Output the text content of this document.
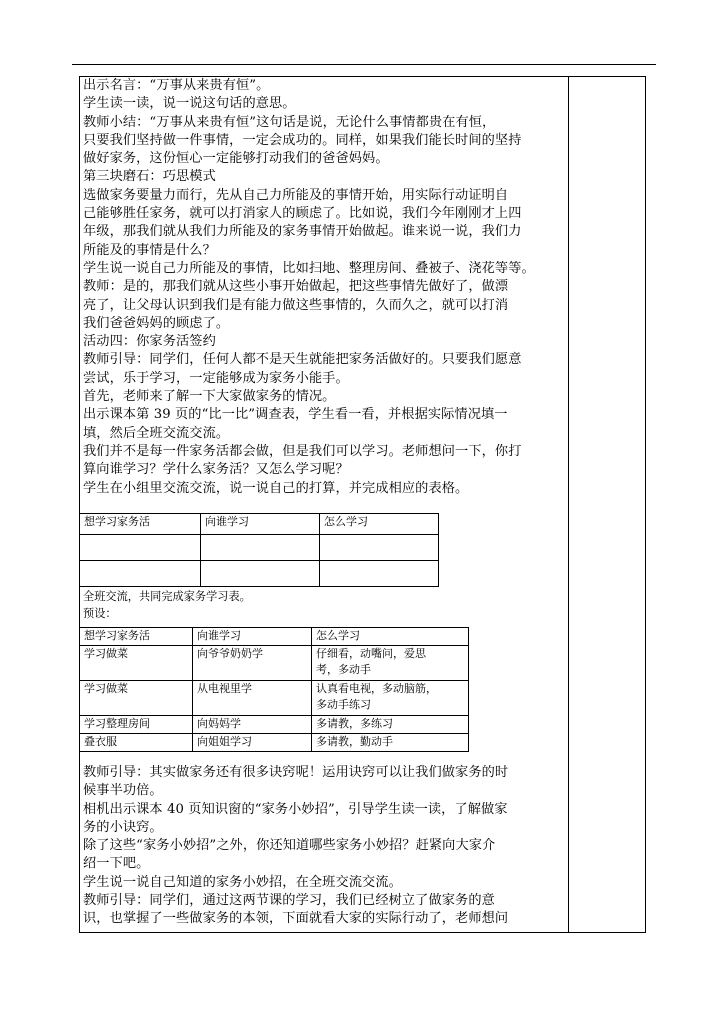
出示名言：“万事从来贵有恒”。

学生读一读，说一说这句话的意思。

教师小结：“万事从来贵有恒”这句话是说，无论什么事情都贵在有恒，

只要我们坚持做一件事情，一定会成功的。同样，如果我们能长时间的坚持

做好家务，这份恒心一定能够打动我们的爸爸妈妈。

第三块磨石：巧思模式

选做家务要量力而行，先从自己力所能及的事情开始，用实际行动证明自

己能够胜任家务，就可以打消家人的顾虑了。比如说，我们今年刚刚才上四

年级，那我们就从我们力所能及的家务事情开始做起。谁来说一说，我们力

所能及的事情是什么？

学生说一说自己力所能及的事情，比如扫地、整理房间、叠被子、浇花等等。

教师：是的，那我们就从这些小事开始做起，把这些事情先做好了，做漂

亮了，让父母认识到我们是有能力做这些事情的，久而久之，就可以打消

我们爸爸妈妈的顾虑了。

活动四：你家务活签约

教师引导：同学们，任何人都不是天生就能把家务活做好的。只要我们愿意

尝试，乐于学习，一定能够成为家务小能手。

首先，老师来了解一下大家做家务的情况。

出示课本第 39 页的“比一比”调查表，学生看一看，并根据实际情况填一

填，然后全班交流交流。

我们并不是每一件家务活都会做，但是我们可以学习。老师想问一下，你打

算向谁学习？学什么家务活？又怎么学习呢？

学生在小组里交流交流，说一说自己的打算，并完成相应的表格。

想学习家务活	向谁学习	怎么学习

全班交流，共同完成家务学习表。

预设：

想学习家务活	向谁学习	怎么学习
学习做菜	向爷爷奶奶学	仔细看，动嘴问，爱思
考，多动手

学习做菜	从电视里学	认真看电视，多动脑筋，
多动手练习

学习整理房间	向妈妈学	多请教，多练习
叠衣服	向姐姐学习	多请教，勤动手

教师引导：其实做家务还有很多诀窍呢！运用诀窍可以让我们做家务的时

候事半功倍。

相机出示课本 40 页知识窗的“家务小妙招”，引导学生读一读，了解做家

务的小诀窍。

除了这些“家务小妙招”之外，你还知道哪些家务小妙招？赶紧向大家介

绍一下吧。

学生说一说自己知道的家务小妙招，在全班交流交流。

教师引导：同学们，通过这两节课的学习，我们已经树立了做家务的意

识，也掌握了一些做家务的本领，下面就看大家的实际行动了，老师想问
